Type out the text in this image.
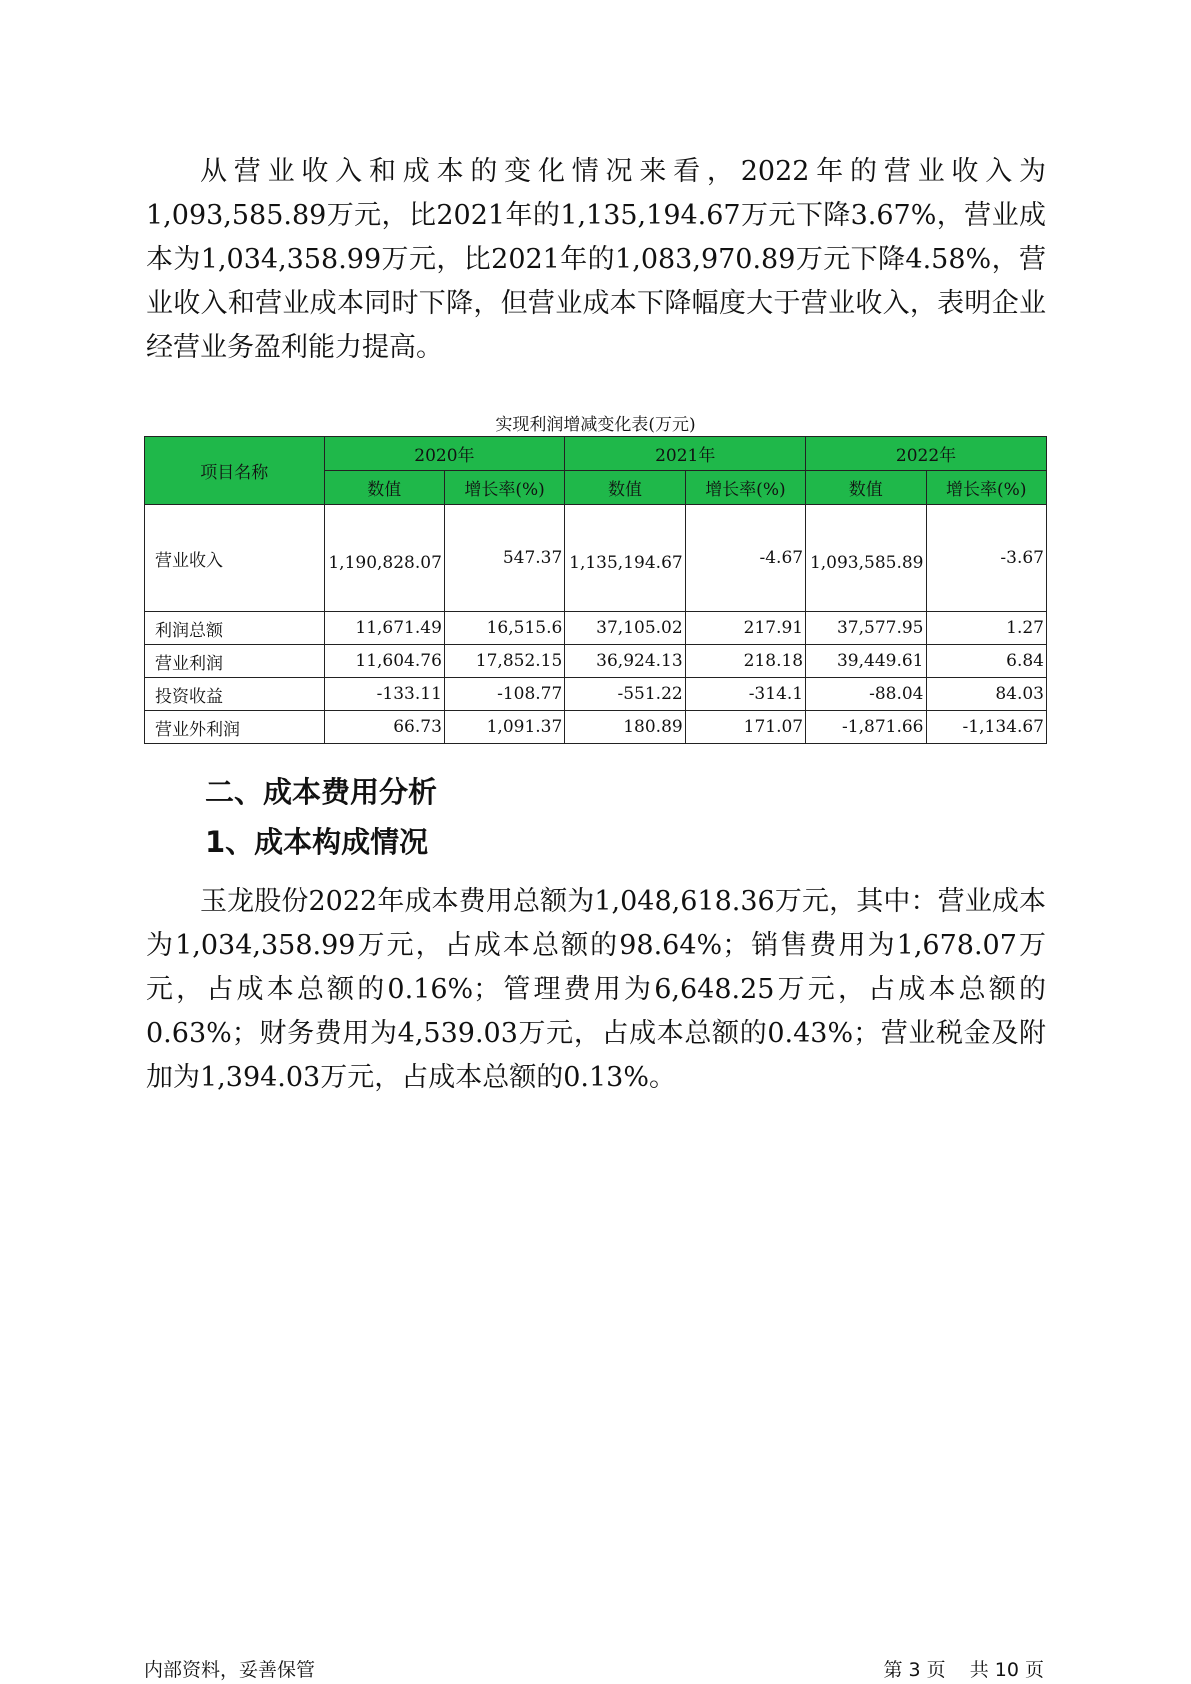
从营业收入和成本的变化情况来看，2022年的营业收入为1,093,585.89万元，比2021年的1,135,194.67万元下降3.67%，营业成本为1,034,358.99万元，比2021年的1,083,970.89万元下降4.58%，营业收入和营业成本同时下降，但营业成本下降幅度大于营业收入，表明企业经营业务盈利能力提高。

实现利润增减变化表(万元)

项目名称	2020年		2021年		2022年	
	数值	增长率(%)	数值	增长率(%)	数值	增长率(%)
营业收入	1,190,828.07	547.37	1,135,194.67	-4.67	1,093,585.89	-3.67
利润总额	11,671.49	16,515.6	37,105.02	217.91	37,577.95	1.27
营业利润	11,604.76	17,852.15	36,924.13	218.18	39,449.61	6.84
投资收益	-133.11	-108.77	-551.22	-314.1	-88.04	84.03
营业外利润	66.73	1,091.37	180.89	171.07	-1,871.66	-1,134.67
二、成本费用分析
1、成本构成情况

玉龙股份2022年成本费用总额为1,048,618.36万元，其中：营业成本为1,034,358.99万元，占成本总额的98.64%；销售费用为1,678.07万元，占成本总额的0.16%；管理费用为6,648.25万元，占成本总额的0.63%；财务费用为4,539.03万元，占成本总额的0.43%；营业税金及附加为1,394.03万元，占成本总额的0.13%。

内部资料，妥善保管	第 3 页 共 10 页
